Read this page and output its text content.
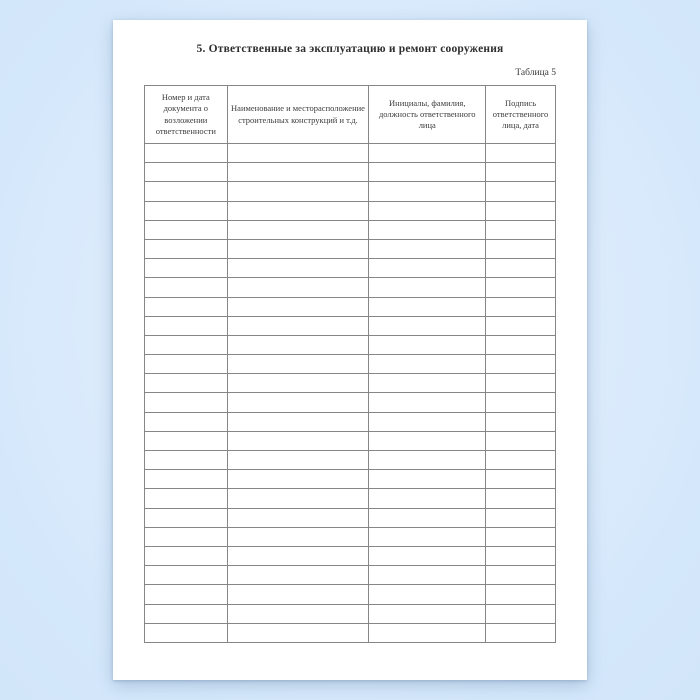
5. Ответственные за эксплуатацию и ремонт сооружения
Таблица 5
Номер и дата документа о возложении ответственности	Наименование и месторасположение строительных конструкций и т.д.	Инициалы, фамилия, должность ответственного лица	Подпись ответственного лица, дата
